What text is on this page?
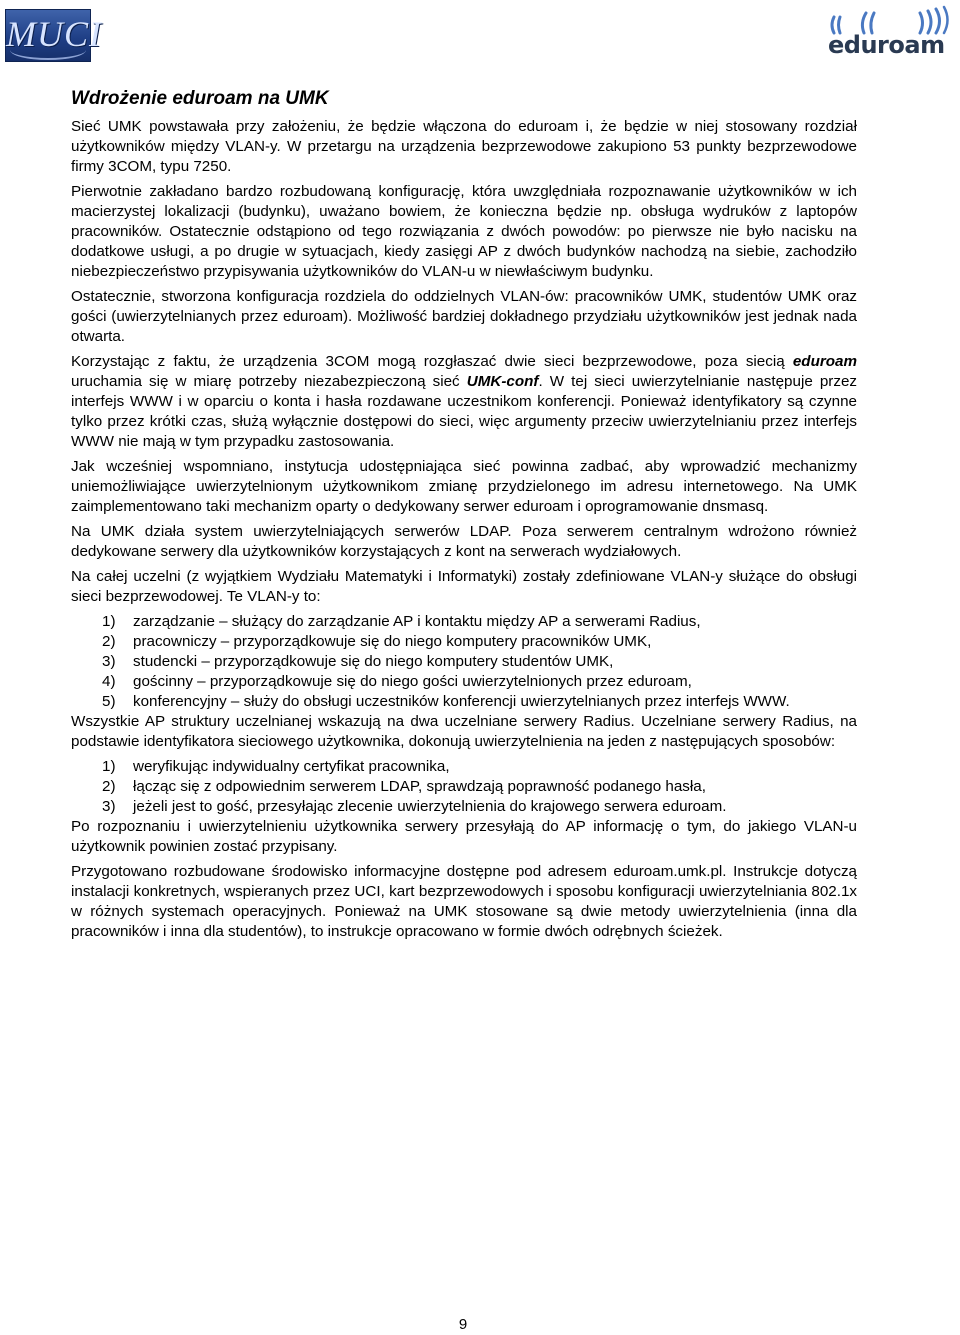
MUCI	eduroam
Wdrożenie eduroam na UMK

Sieć UMK powstawała przy założeniu, że będzie włączona do eduroam i, że będzie w niej stosowany rozdział użytkowników między VLAN-y. W przetargu na urządzenia bezprzewodowe zakupiono 53 punkty bezprzewodowe firmy 3COM, typu 7250.

Pierwotnie zakładano bardzo rozbudowaną konfigurację, która uwzględniała rozpoznawanie użytkowników w ich macierzystej lokalizacji (budynku), uważano bowiem, że konieczna będzie np. obsługa wydruków z laptopów pracowników. Ostatecznie odstąpiono od tego rozwiązania z dwóch powodów: po pierwsze nie było nacisku na dodatkowe usługi, a po drugie w sytuacjach, kiedy zasięgi AP z dwóch budynków nachodzą na siebie, zachodziło niebezpieczeństwo przypisywania użytkowników do VLAN-u w niewłaściwym budynku.

Ostatecznie, stworzona konfiguracja rozdziela do oddzielnych VLAN-ów: pracowników UMK, studentów UMK oraz gości (uwierzytelnianych przez eduroam). Możliwość bardziej dokładnego przydziału użytkowników jest jednak nada otwarta.

Korzystając z faktu, że urządzenia 3COM mogą rozgłaszać dwie sieci bezprzewodowe, poza siecią eduroam uruchamia się w miarę potrzeby niezabezpieczoną sieć UMK-conf. W tej sieci uwierzytelnianie następuje przez interfejs WWW i w oparciu o konta i hasła rozdawane uczestnikom konferencji. Ponieważ identyfikatory są czynne tylko przez krótki czas, służą wyłącznie dostępowi do sieci, więc argumenty przeciw uwierzytelnianiu przez interfejs WWW nie mają w tym przypadku zastosowania.

Jak wcześniej wspomniano, instytucja udostępniająca sieć powinna zadbać, aby wprowadzić mechanizmy uniemożliwiające uwierzytelnionym użytkownikom zmianę przydzielonego im adresu internetowego. Na UMK zaimplementowano taki mechanizm oparty o dedykowany serwer eduroam i oprogramowanie dnsmasq.

Na UMK działa system uwierzytelniających serwerów LDAP. Poza serwerem centralnym wdrożono również dedykowane serwery dla użytkowników korzystających z kont na serwerach wydziałowych.

Na całej uczelni (z wyjątkiem Wydziału Matematyki i Informatyki) zostały zdefiniowane VLAN-y służące do obsługi sieci bezprzewodowej. Te VLAN-y to:

1) zarządzanie – służący do zarządzanie AP i kontaktu między AP a serwerami Radius,
2) pracowniczy – przyporządkowuje się do niego komputery pracowników UMK,
3) studencki – przyporządkowuje się do niego komputery studentów UMK,
4) gościnny – przyporządkowuje się do niego gości uwierzytelnionych przez eduroam,
5) konferencyjny – służy do obsługi uczestników konferencji uwierzytelnianych przez interfejs WWW.

Wszystkie AP struktury uczelnianej wskazują na dwa uczelniane serwery Radius. Uczelniane serwery Radius, na podstawie identyfikatora sieciowego użytkownika, dokonują uwierzytelnienia na jeden z następujących sposobów:

1) weryfikując indywidualny certyfikat pracownika,
2) łącząc się z odpowiednim serwerem LDAP, sprawdzają poprawność podanego hasła,
3) jeżeli jest to gość, przesyłając zlecenie uwierzytelnienia do krajowego serwera eduroam.

Po rozpoznaniu i uwierzytelnieniu użytkownika serwery przesyłają do AP informację o tym, do jakiego VLAN-u użytkownik powinien zostać przypisany.

Przygotowano rozbudowane środowisko informacyjne dostępne pod adresem eduroam.umk.pl. Instrukcje dotyczą instalacji konkretnych, wspieranych przez UCI, kart bezprzewodowych i sposobu konfiguracji uwierzytelniania 802.1x w różnych systemach operacyjnych. Ponieważ na UMK stosowane są dwie metody uwierzytelnienia (inna dla pracowników i inna dla studentów), to instrukcje opracowano w formie dwóch odrębnych ścieżek.

9
